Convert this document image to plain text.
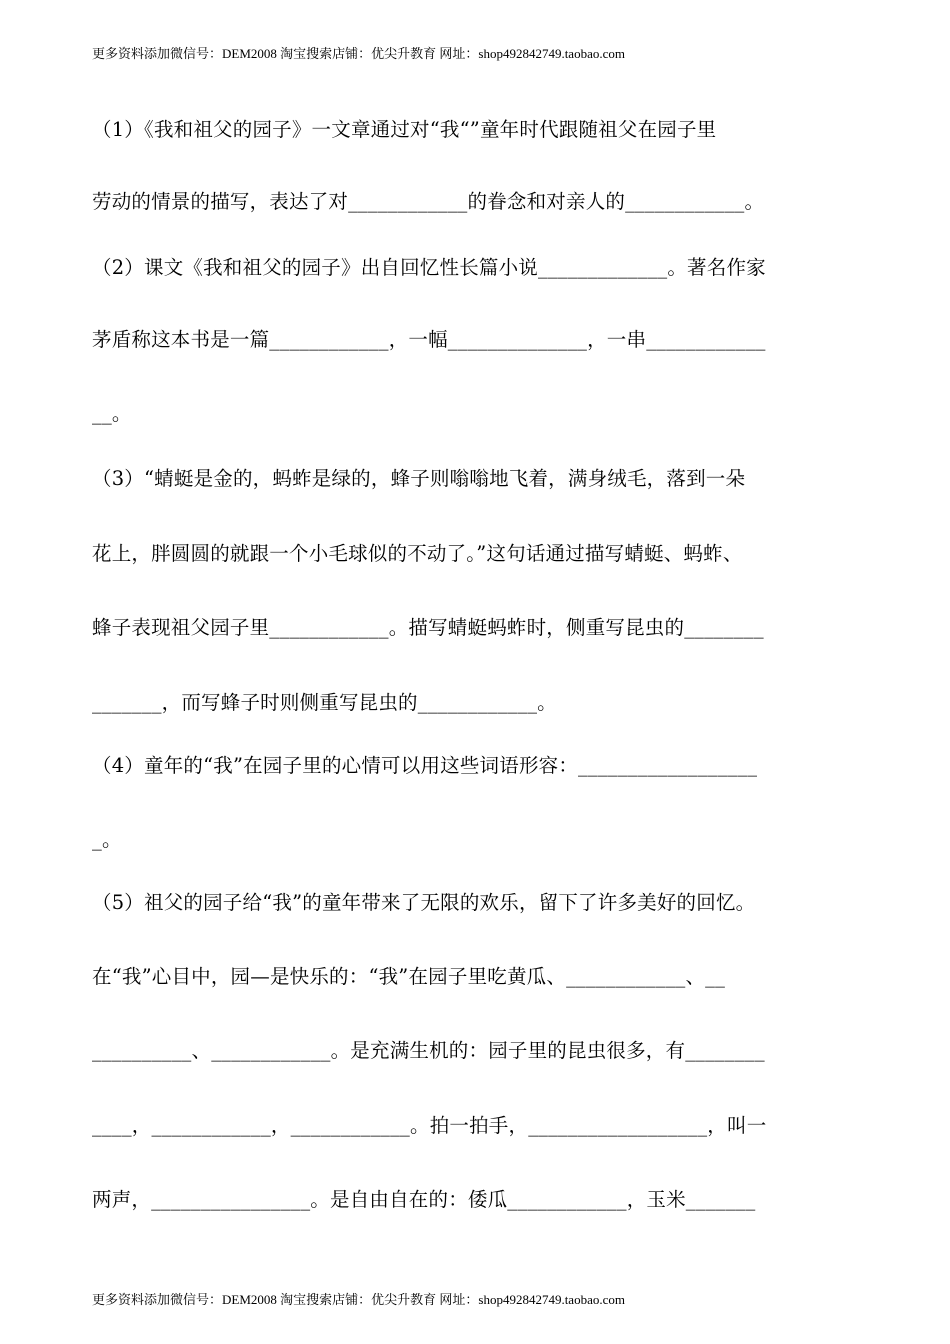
更多资料添加微信号：DEM2008 淘宝搜索店铺：优尖升教育 网址：shop492842749.taobao.com
（1）《我和祖父的园子》一文章通过对“我“”童年时代跟随祖父在园子里
劳动的情景的描写，表达了对____________的眷念和对亲人的____________。
（2）课文《我和祖父的园子》出自回忆性长篇小说_____________。著名作家
茅盾称这本书是一篇____________，一幅______________，一串____________
__。
（3）“蜻蜓是金的，蚂蚱是绿的，蜂子则嗡嗡地飞着，满身绒毛，落到一朵
花上，胖圆圆的就跟一个小毛球似的不动了。”这句话通过描写蜻蜓、蚂蚱、
蜂子表现祖父园子里____________。描写蜻蜓蚂蚱时，侧重写昆虫的________
_______，而写蜂子时则侧重写昆虫的____________。
（4）童年的“我”在园子里的心情可以用这些词语形容：__________________
_。
（5）祖父的园子给“我”的童年带来了无限的欢乐，留下了许多美好的回忆。
在“我”心目中，园—是快乐的：“我”在园子里吃黄瓜、____________、__
__________、____________。是充满生机的：园子里的昆虫很多，有________
____，____________，____________。拍一拍手，__________________，叫一
两声，________________。是自由自在的：倭瓜____________，玉米_______
更多资料添加微信号：DEM2008 淘宝搜索店铺：优尖升教育 网址：shop492842749.taobao.com
